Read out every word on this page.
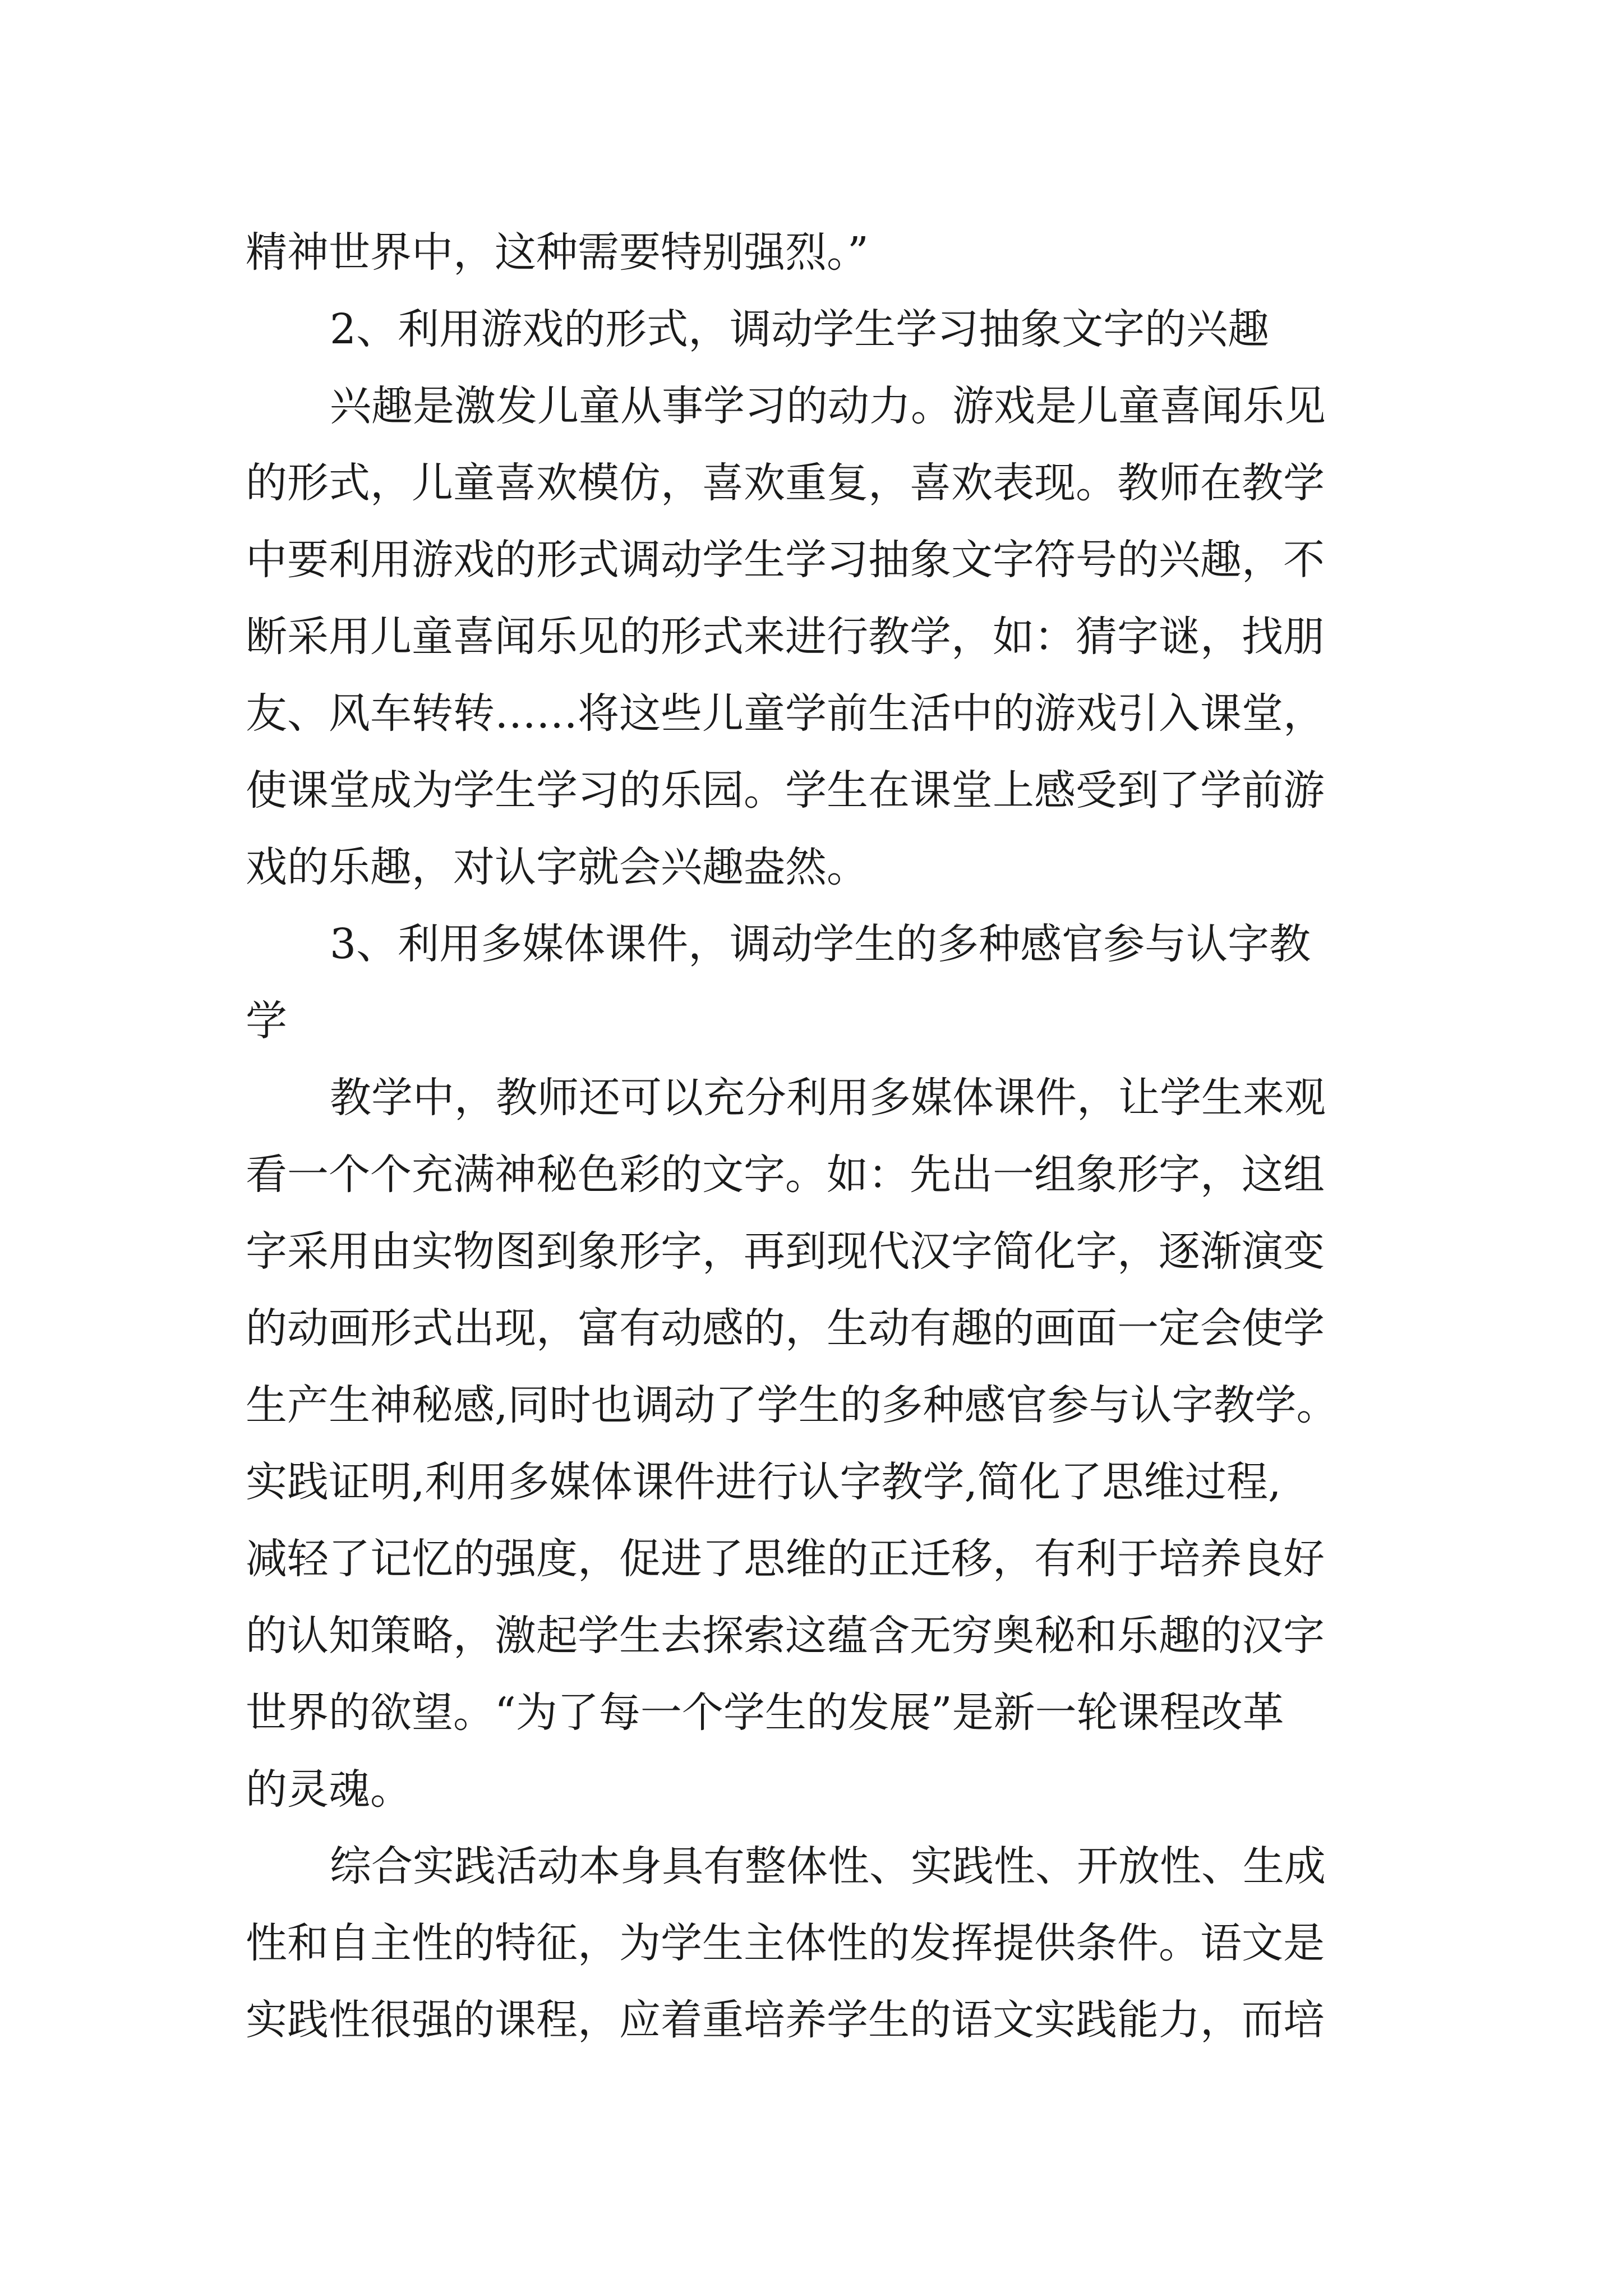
精神世界中，这种需要特别强烈。”
2、利用游戏的形式，调动学生学习抽象文字的兴趣
兴趣是激发儿童从事学习的动力。游戏是儿童喜闻乐见
的形式，儿童喜欢模仿，喜欢重复，喜欢表现。教师在教学
中要利用游戏的形式调动学生学习抽象文字符号的兴趣，不
断采用儿童喜闻乐见的形式来进行教学，如：猜字谜，找朋
友、风车转转……将这些儿童学前生活中的游戏引入课堂，
使课堂成为学生学习的乐园。学生在课堂上感受到了学前游
戏的乐趣，对认字就会兴趣盎然。
3、利用多媒体课件，调动学生的多种感官参与认字教
学
教学中，教师还可以充分利用多媒体课件，让学生来观
看一个个充满神秘色彩的文字。如：先出一组象形字，这组
字采用由实物图到象形字，再到现代汉字简化字，逐渐演变
的动画形式出现，富有动感的，生动有趣的画面一定会使学
生产生神秘感,同时也调动了学生的多种感官参与认字教学。
实践证明,利用多媒体课件进行认字教学,简化了思维过程,
减轻了记忆的强度，促进了思维的正迁移，有利于培养良好
的认知策略，激起学生去探索这蕴含无穷奥秘和乐趣的汉字
世界的欲望。“为了每一个学生的发展”是新一轮课程改革
的灵魂。
综合实践活动本身具有整体性、实践性、开放性、生成
性和自主性的特征，为学生主体性的发挥提供条件。语文是
实践性很强的课程，应着重培养学生的语文实践能力，而培
